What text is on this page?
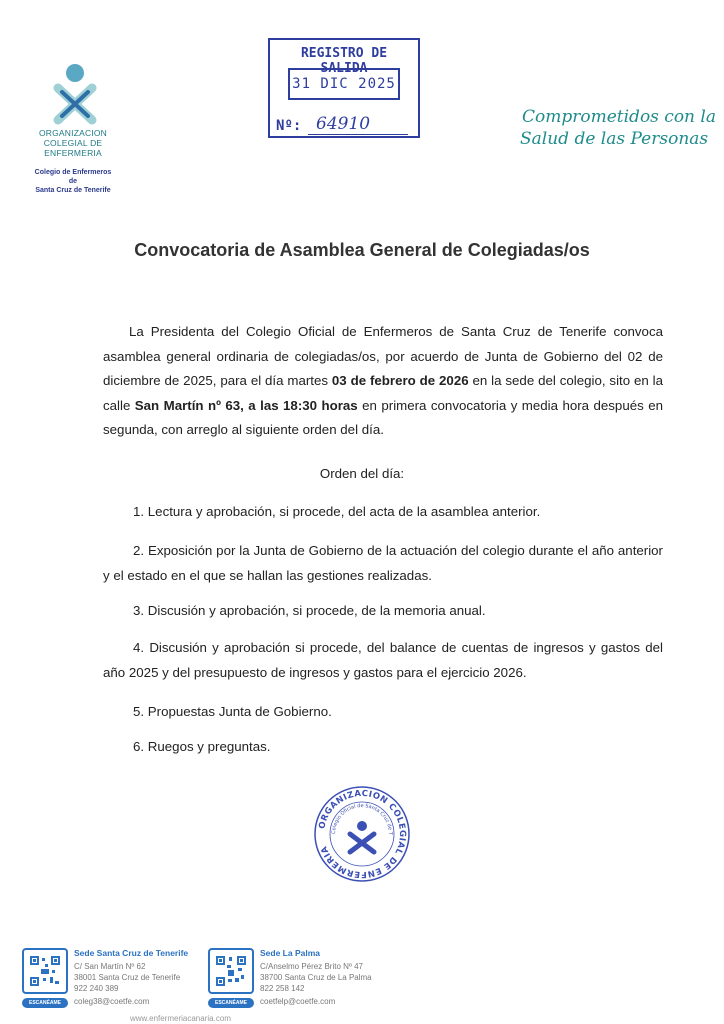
ORGANIZACION
COLEGIAL DE ENFERMERIA
Colegio de Enfermeros
de
Santa Cruz de Tenerife
REGISTRO DE SALIDA
31 DIC 2025
Nº: 64910	Comprometidos con la
Salud de las Personas
Convocatoria de Asamblea General de Colegiadas/os
La Presidenta del Colegio Oficial de Enfermeros de Santa Cruz de Tenerife convoca asamblea general ordinaria de colegiadas/os, por acuerdo de Junta de Gobierno del 02 de diciembre de 2025, para el día martes 03 de febrero de 2026 en la sede del colegio, sito en la calle San Martín nº 63, a las 18:30 horas en primera convocatoria y media hora después en segunda, con arreglo al siguiente orden del día.
Orden del día:
1. Lectura y aprobación, si procede, del acta de la asamblea anterior.
2. Exposición por la Junta de Gobierno de la actuación del colegio durante el año anterior y el estado en el que se hallan las gestiones realizadas.
3. Discusión y aprobación, si procede, de la memoria anual.
4. Discusión y aprobación si procede, del balance de cuentas de ingresos y gastos del año 2025 y del presupuesto de ingresos y gastos para el ejercicio 2026.
5. Propuestas Junta de Gobierno.
6. Ruegos y preguntas.
ORGANIZACION COLEGIAL DE ENFERMERIA
Colegio Oficial de Santa Cruz de T
ESCANÉAME
Sede Santa Cruz de Tenerife
C/ San Martín Nº 62
38001 Santa Cruz de Tenerife
922 240 389
coleg38@coetfe.com	ESCANÉAME
Sede La Palma
C/Anselmo Pérez Brito Nº 47
38700 Santa Cruz de La Palma
822 258 142
coetfelp@coetfe.com
www.enfermeriacanaria.com
